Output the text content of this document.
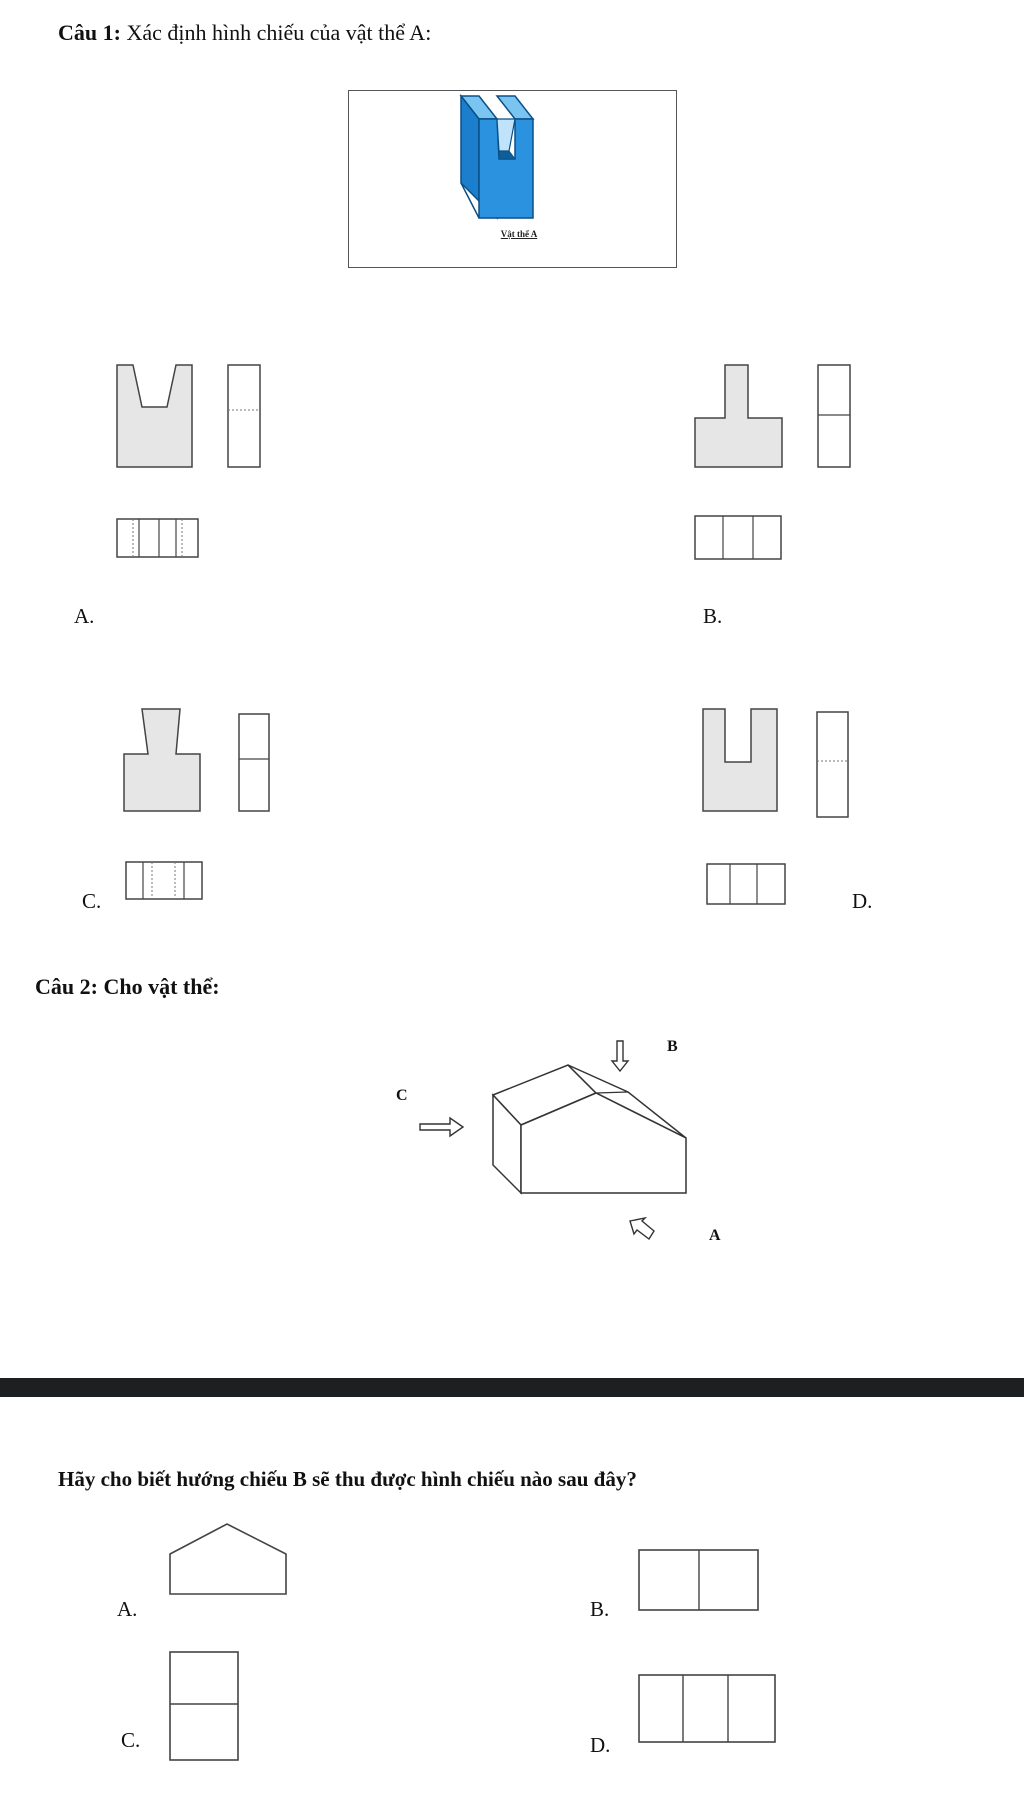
Câu 1: Xác định hình chiếu của vật thể A:
Vật thể A
A.	B.
C.	D.
Câu 2: Cho vật thể:
B
C
A
Hãy cho biết hướng chiếu B sẽ thu được hình chiếu nào sau đây?
A.	B.
C.	D.
